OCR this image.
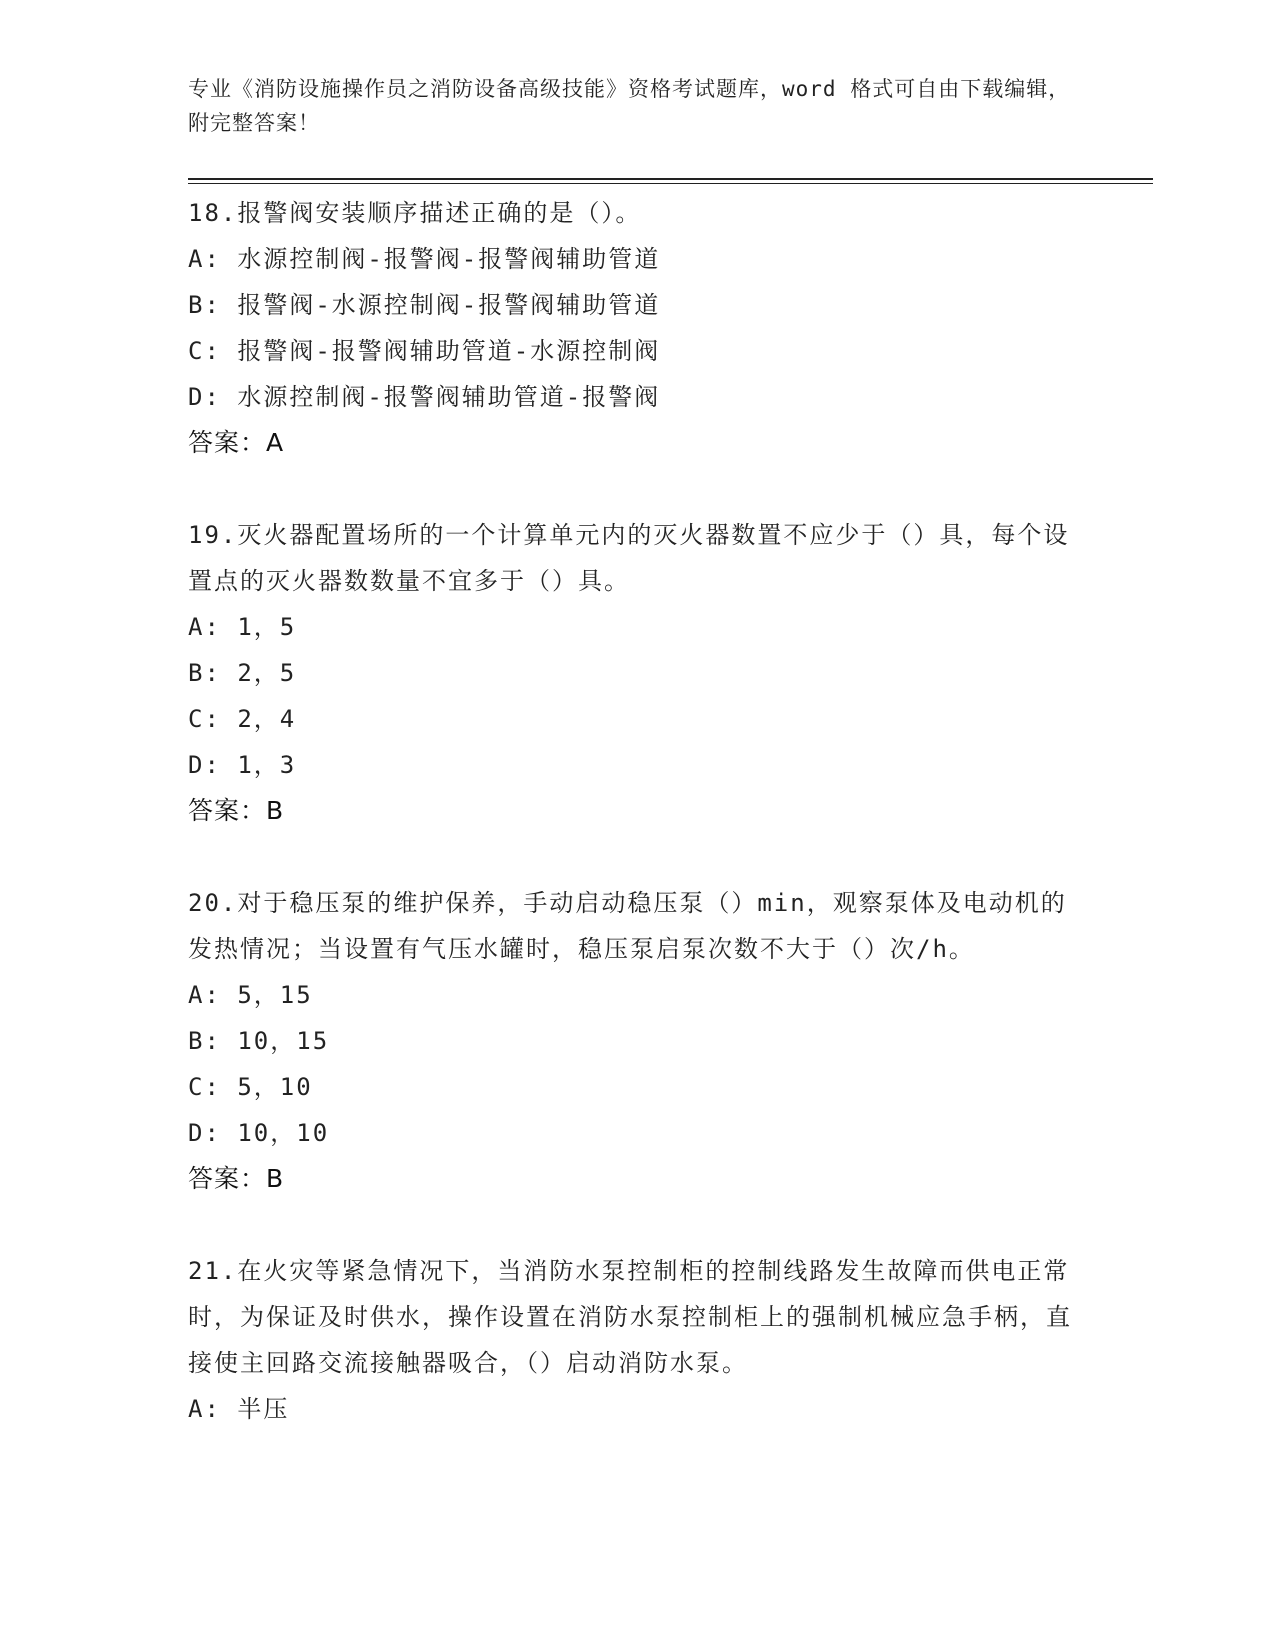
专业《消防设施操作员之消防设备高级技能》资格考试题库，word 格式可自由下载编辑，附完整答案！

18.报警阀安装顺序描述正确的是（）。

A: 水源控制阀-报警阀-报警阀辅助管道

B: 报警阀-水源控制阀-报警阀辅助管道

C: 报警阀-报警阀辅助管道-水源控制阀

D: 水源控制阀-报警阀辅助管道-报警阀

答案：A

19.灭火器配置场所的一个计算单元内的灭火器数置不应少于（）具，每个设置点的灭火器数数量不宜多于（）具。

A: 1，5

B: 2，5

C: 2，4

D: 1，3

答案：B

20.对于稳压泵的维护保养，手动启动稳压泵（）min，观察泵体及电动机的发热情况；当设置有气压水罐时，稳压泵启泵次数不大于（）次/h。

A: 5，15

B: 10，15

C: 5，10

D: 10，10

答案：B

21.在火灾等紧急情况下，当消防水泵控制柜的控制线路发生故障而供电正常时，为保证及时供水，操作设置在消防水泵控制柜上的强制机械应急手柄，直接使主回路交流接触器吸合，（）启动消防水泵。

A: 半压
